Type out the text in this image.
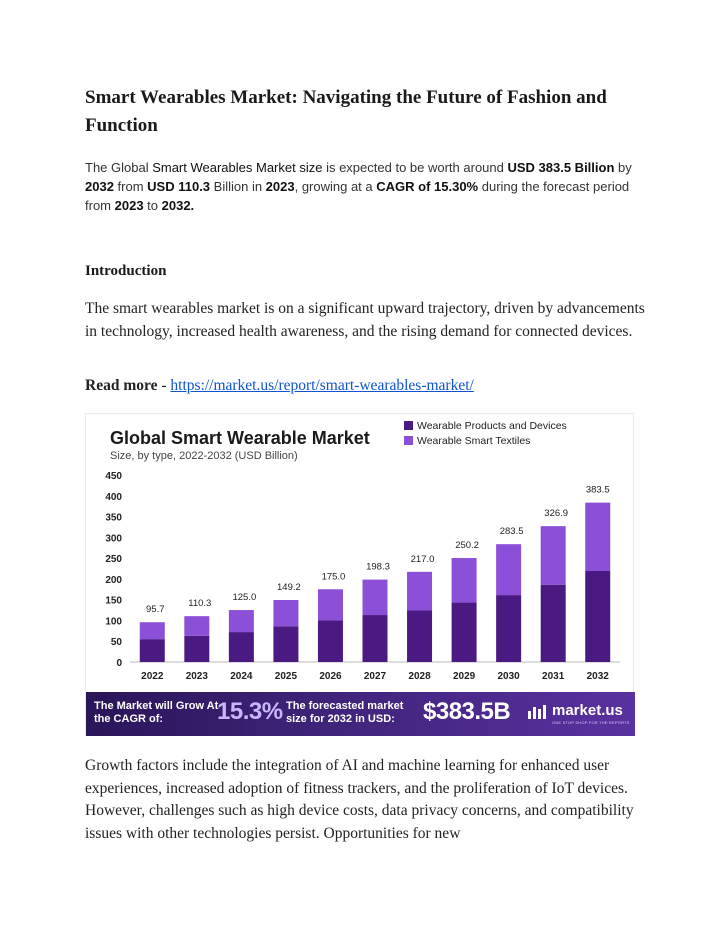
Smart Wearables Market: Navigating the Future of Fashion and Function
The Global Smart Wearables Market size is expected to be worth around USD 383.5 Billion by 2032 from USD 110.3 Billion in 2023, growing at a CAGR of 15.30% during the forecast period from 2023 to 2032.
Introduction
The smart wearables market is on a significant upward trajectory, driven by advancements in technology, increased health awareness, and the rising demand for connected devices.
Read more - https://market.us/report/smart-wearables-market/
Global Smart Wearable Market
Size, by type, 2022-2032 (USD Billion)
Wearable Products and Devices
Wearable Smart Textiles
0
50
100
150
200
250
300
350
400
450
95.7
110.3
125.0
149.2
175.0
198.3
217.0
250.2
283.5
326.9
383.5
2022 2023 2024 2025 2026 2027 2028 2029 2030 2031 2032
The Market will Grow At the CAGR of:	15.3% The forecasted market size for 2032 in USD:	$383.5B	market.us
ONE STOP SHOP FOR THE REPORTS
Growth factors include the integration of AI and machine learning for enhanced user experiences, increased adoption of fitness trackers, and the proliferation of IoT devices. However, challenges such as high device costs, data privacy concerns, and compatibility issues with other technologies persist. Opportunities for new
